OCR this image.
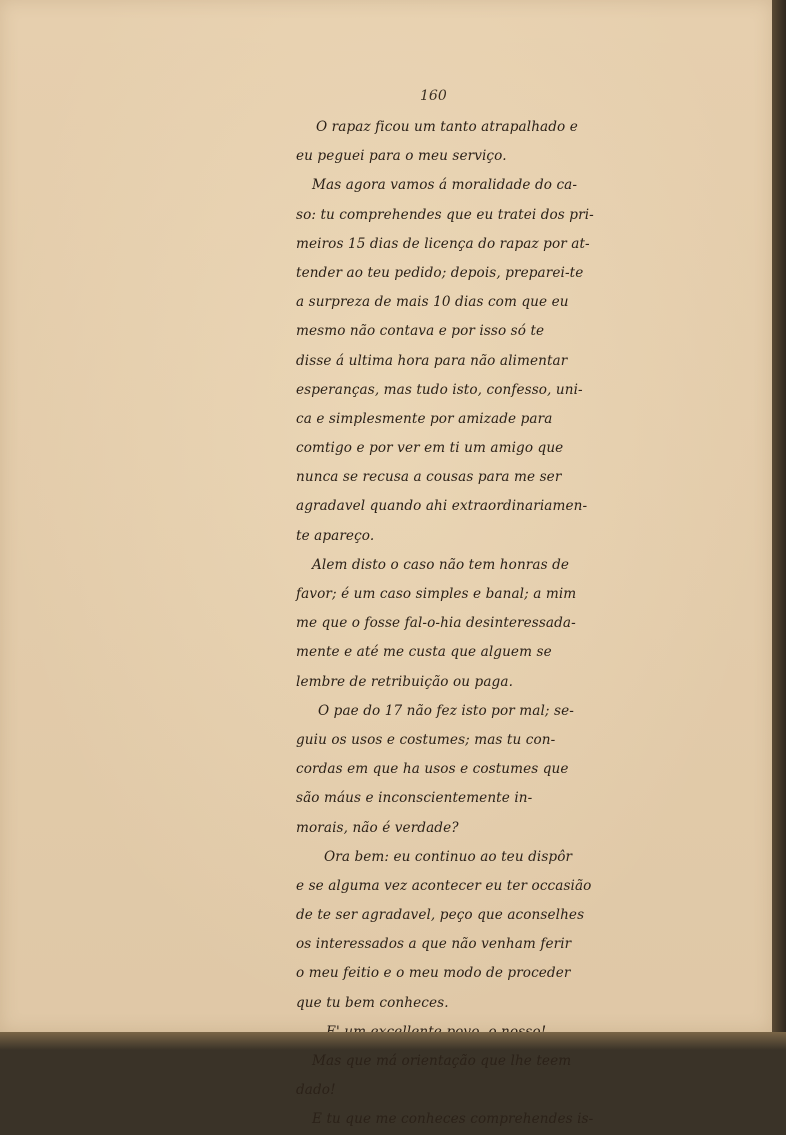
160
O rapaz ficou um tanto atrapalhado e
eu peguei para o meu serviço.
Mas agora vamos á moralidade do ca-
so: tu comprehendes que eu tratei dos pri-
meiros 15 dias de licença do rapaz por at-
tender ao teu pedido; depois, preparei-te
a surpreza de mais 10 dias com que eu
mesmo não contava e por isso só te
disse á ultima hora para não alimentar
esperanças, mas tudo isto, confesso, uni-
ca e simplesmente por amizade para
comtigo e por ver em ti um amigo que
nunca se recusa a cousas para me ser
agradavel quando ahi extraordinariamen-
te apareço.
Alem disto o caso não tem honras de
favor; é um caso simples e banal; a mim
me que o fosse fal-o-hia desinteressada-
mente e até me custa que alguem se
lembre de retribuição ou paga.
O pae do 17 não fez isto por mal; se-
guiu os usos e costumes; mas tu con-
cordas em que ha usos e costumes que
são máus e inconscientemente in-
morais, não é verdade?
Ora bem: eu continuo ao teu dispôr
e se alguma vez acontecer eu ter occasião
de te ser agradavel, peço que aconselhes
os interessados a que não venham ferir
o meu feitio e o meu modo de proceder
que tu bem conheces.
Mas que má orientação que lhe teem
dado!
E tu que me conheces comprehendes is-
